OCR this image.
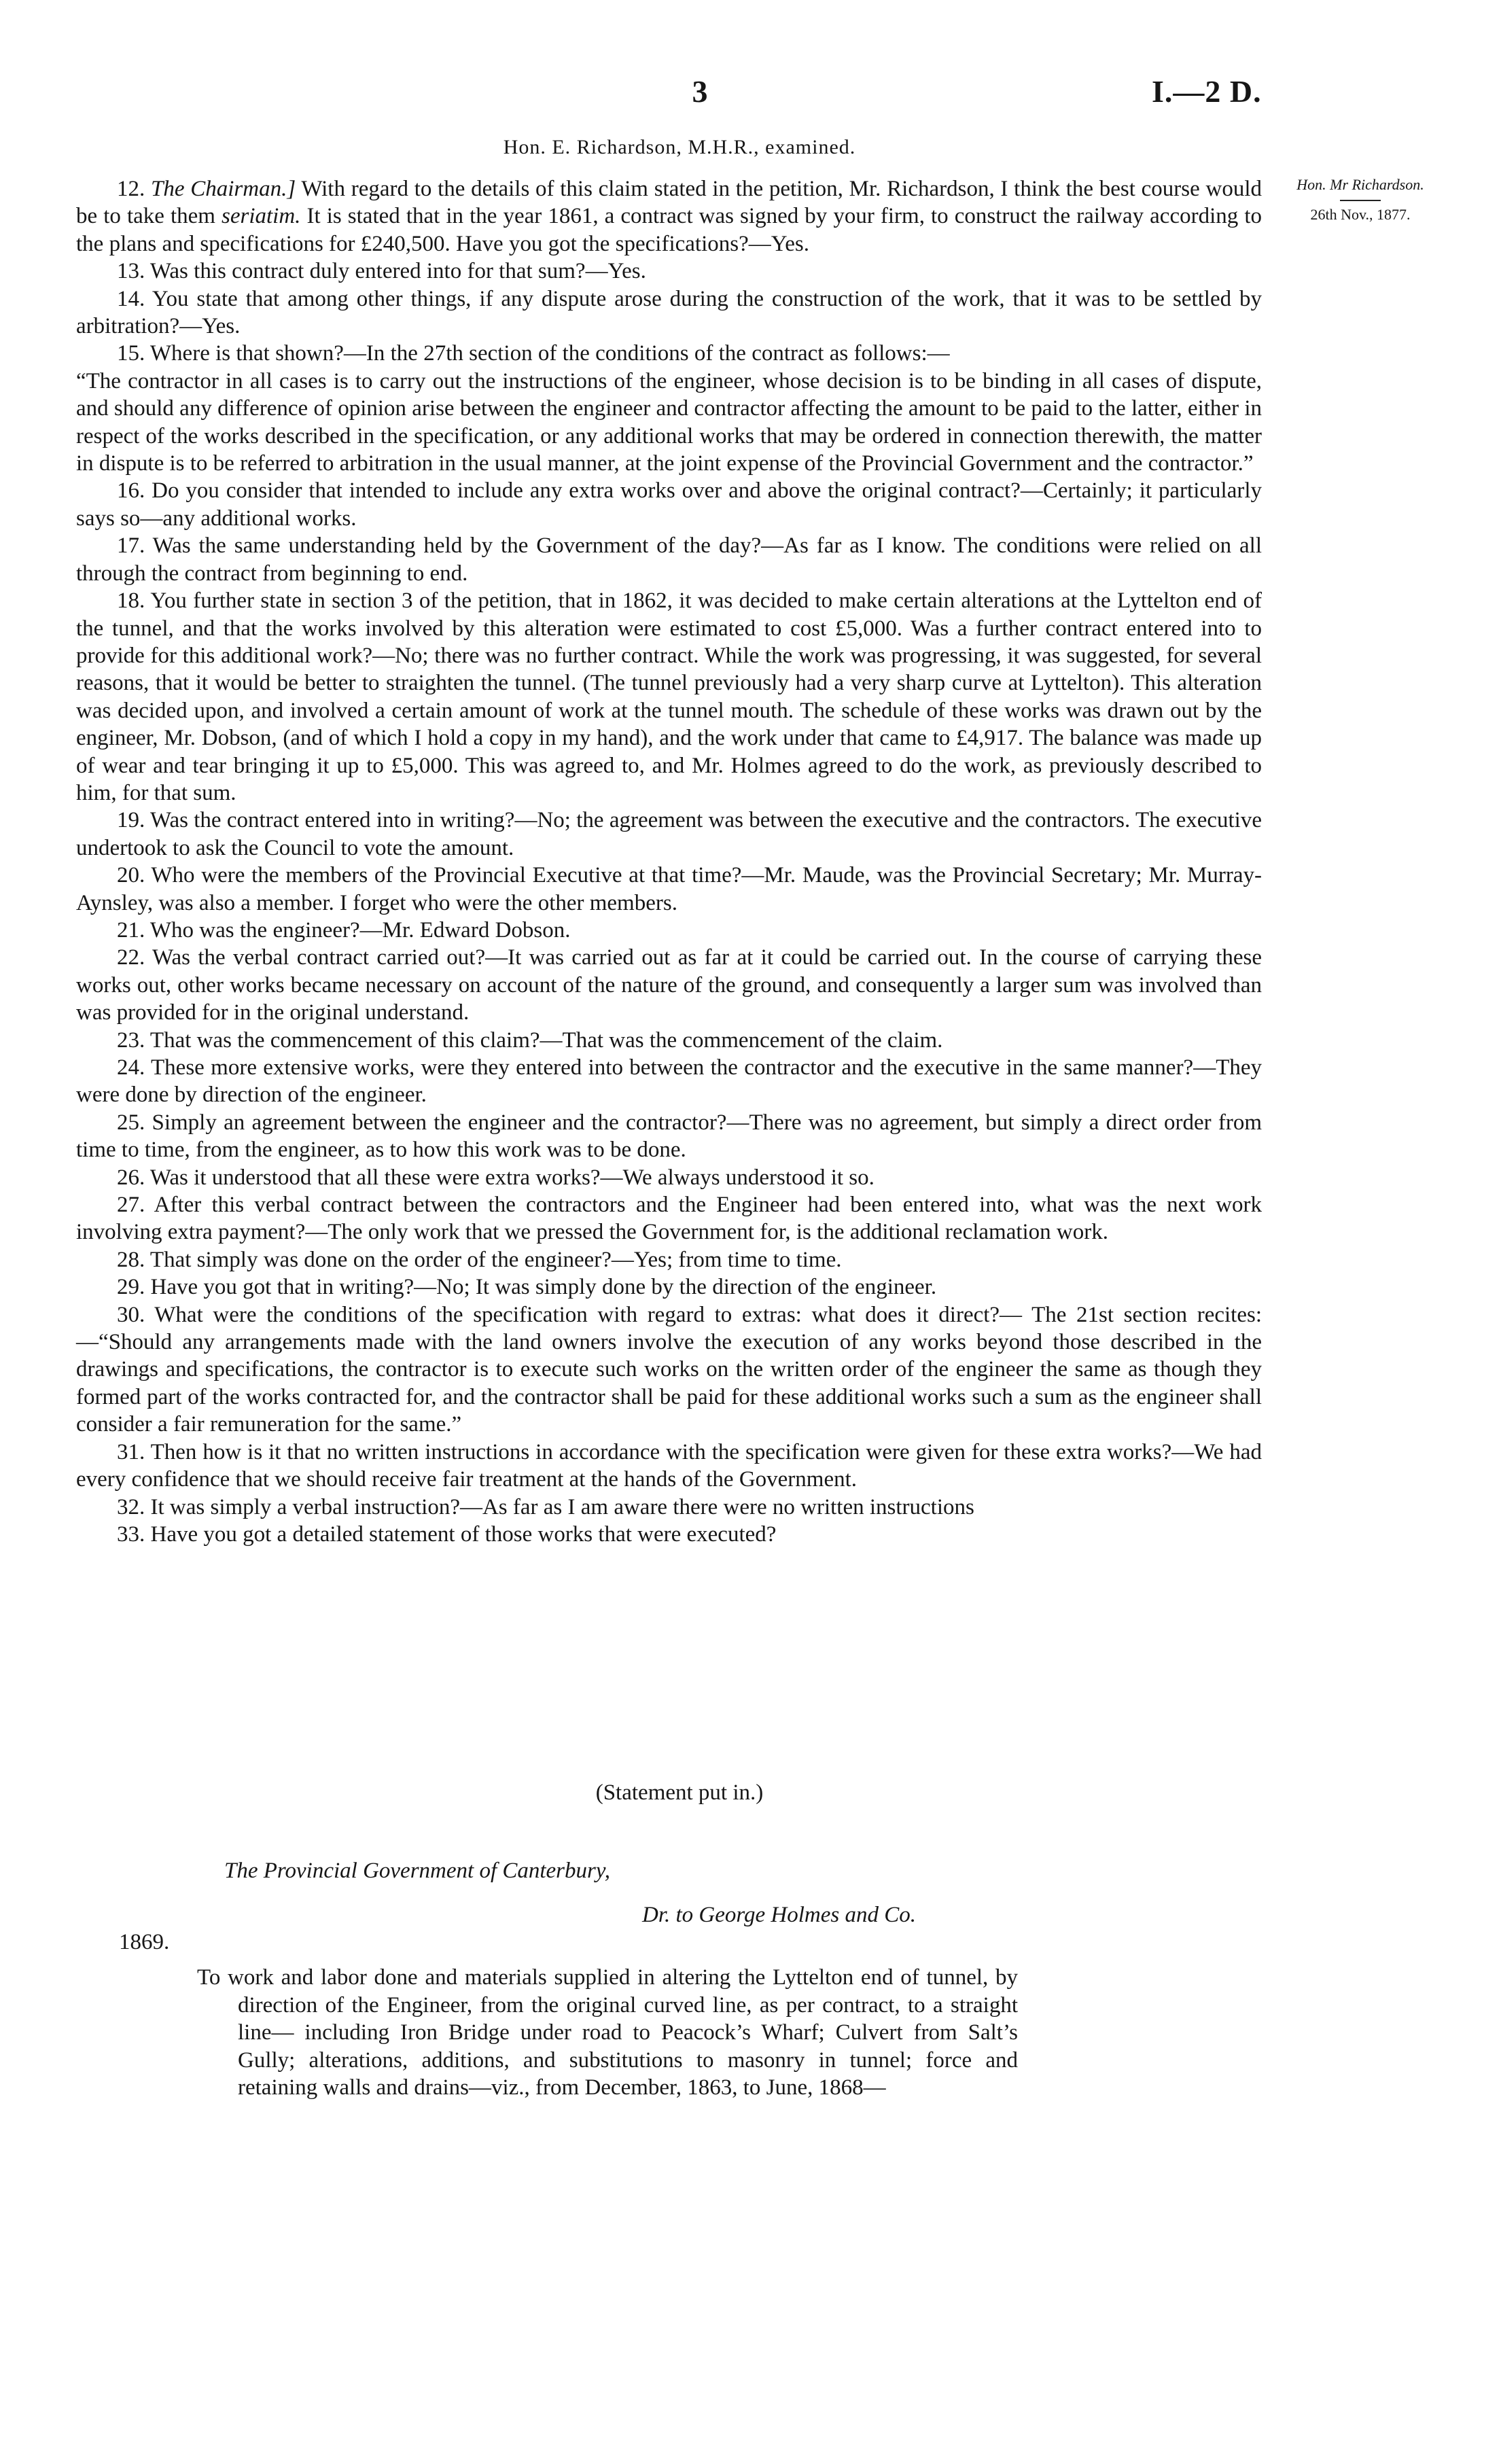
3	I.—2 D.
Hon. E. Richardson, M.H.R., examined.
Hon. Mr Richardson.
26th Nov., 1877.

12. The Chairman.] With regard to the details of this claim stated in the petition, Mr. Richardson, I think the best course would be to take them seriatim. It is stated that in the year 1861, a contract was signed by your firm, to construct the railway according to the plans and specifications for £240,500. Have you got the specifications?—Yes.

13. Was this contract duly entered into for that sum?—Yes.

14. You state that among other things, if any dispute arose during the construction of the work, that it was to be settled by arbitration?—Yes.

15. Where is that shown?—In the 27th section of the conditions of the contract as follows:—

“The contractor in all cases is to carry out the instructions of the engineer, whose decision is to be binding in all cases of dispute, and should any difference of opinion arise between the engineer and contractor affecting the amount to be paid to the latter, either in respect of the works described in the specification, or any additional works that may be ordered in connection therewith, the matter in dispute is to be referred to arbitration in the usual manner, at the joint expense of the Provincial Government and the contractor.”

16. Do you consider that intended to include any extra works over and above the original contract?—Certainly; it particularly says so—any additional works.

17. Was the same understanding held by the Government of the day?—As far as I know. The conditions were relied on all through the contract from beginning to end.

18. You further state in section 3 of the petition, that in 1862, it was decided to make certain alterations at the Lyttelton end of the tunnel, and that the works involved by this alteration were estimated to cost £5,000. Was a further contract entered into to provide for this additional work?—No; there was no further contract. While the work was progressing, it was suggested, for several reasons, that it would be better to straighten the tunnel. (The tunnel previously had a very sharp curve at Lyttelton). This alteration was decided upon, and involved a certain amount of work at the tunnel mouth. The schedule of these works was drawn out by the engineer, Mr. Dobson, (and of which I hold a copy in my hand), and the work under that came to £4,917. The balance was made up of wear and tear bringing it up to £5,000. This was agreed to, and Mr. Holmes agreed to do the work, as previously described to him, for that sum.

19. Was the contract entered into in writing?—No; the agreement was between the executive and the contractors. The executive undertook to ask the Council to vote the amount.

20. Who were the members of the Provincial Executive at that time?—Mr. Maude, was the Provincial Secretary; Mr. Murray-Aynsley, was also a member. I forget who were the other members.

21. Who was the engineer?—Mr. Edward Dobson.

22. Was the verbal contract carried out?—It was carried out as far at it could be carried out. In the course of carrying these works out, other works became necessary on account of the nature of the ground, and consequently a larger sum was involved than was provided for in the original understand.

23. That was the commencement of this claim?—That was the commencement of the claim.

24. These more extensive works, were they entered into between the contractor and the executive in the same manner?—They were done by direction of the engineer.

25. Simply an agreement between the engineer and the contractor?—There was no agreement, but simply a direct order from time to time, from the engineer, as to how this work was to be done.

26. Was it understood that all these were extra works?—We always understood it so.

27. After this verbal contract between the contractors and the Engineer had been entered into, what was the next work involving extra payment?—The only work that we pressed the Government for, is the additional reclamation work.

28. That simply was done on the order of the engineer?—Yes; from time to time.

29. Have you got that in writing?—No; It was simply done by the direction of the engineer.

30. What were the conditions of the specification with regard to extras: what does it direct?— The 21st section recites:—“Should any arrangements made with the land owners involve the execution of any works beyond those described in the drawings and specifications, the contractor is to execute such works on the written order of the engineer the same as though they formed part of the works contracted for, and the contractor shall be paid for these additional works such a sum as the engineer shall consider a fair remuneration for the same.”

31. Then how is it that no written instructions in accordance with the specification were given for these extra works?—We had every confidence that we should receive fair treatment at the hands of the Government.

32. It was simply a verbal instruction?—As far as I am aware there were no written instructions

33. Have you got a detailed statement of those works that were executed?

(Statement put in.)
The Provincial Government of Canterbury,
Dr. to George Holmes and Co.
1869.
To work and labor done and materials supplied in altering the Lyttelton end of tunnel, by direction of the Engineer, from the original curved line, as per contract, to a straight line— including Iron Bridge under road to Peacock’s Wharf; Culvert from Salt’s Gully; alterations, additions, and substitutions to masonry in tunnel; force and retaining walls and drains—viz., from December, 1863, to June, 1868—
